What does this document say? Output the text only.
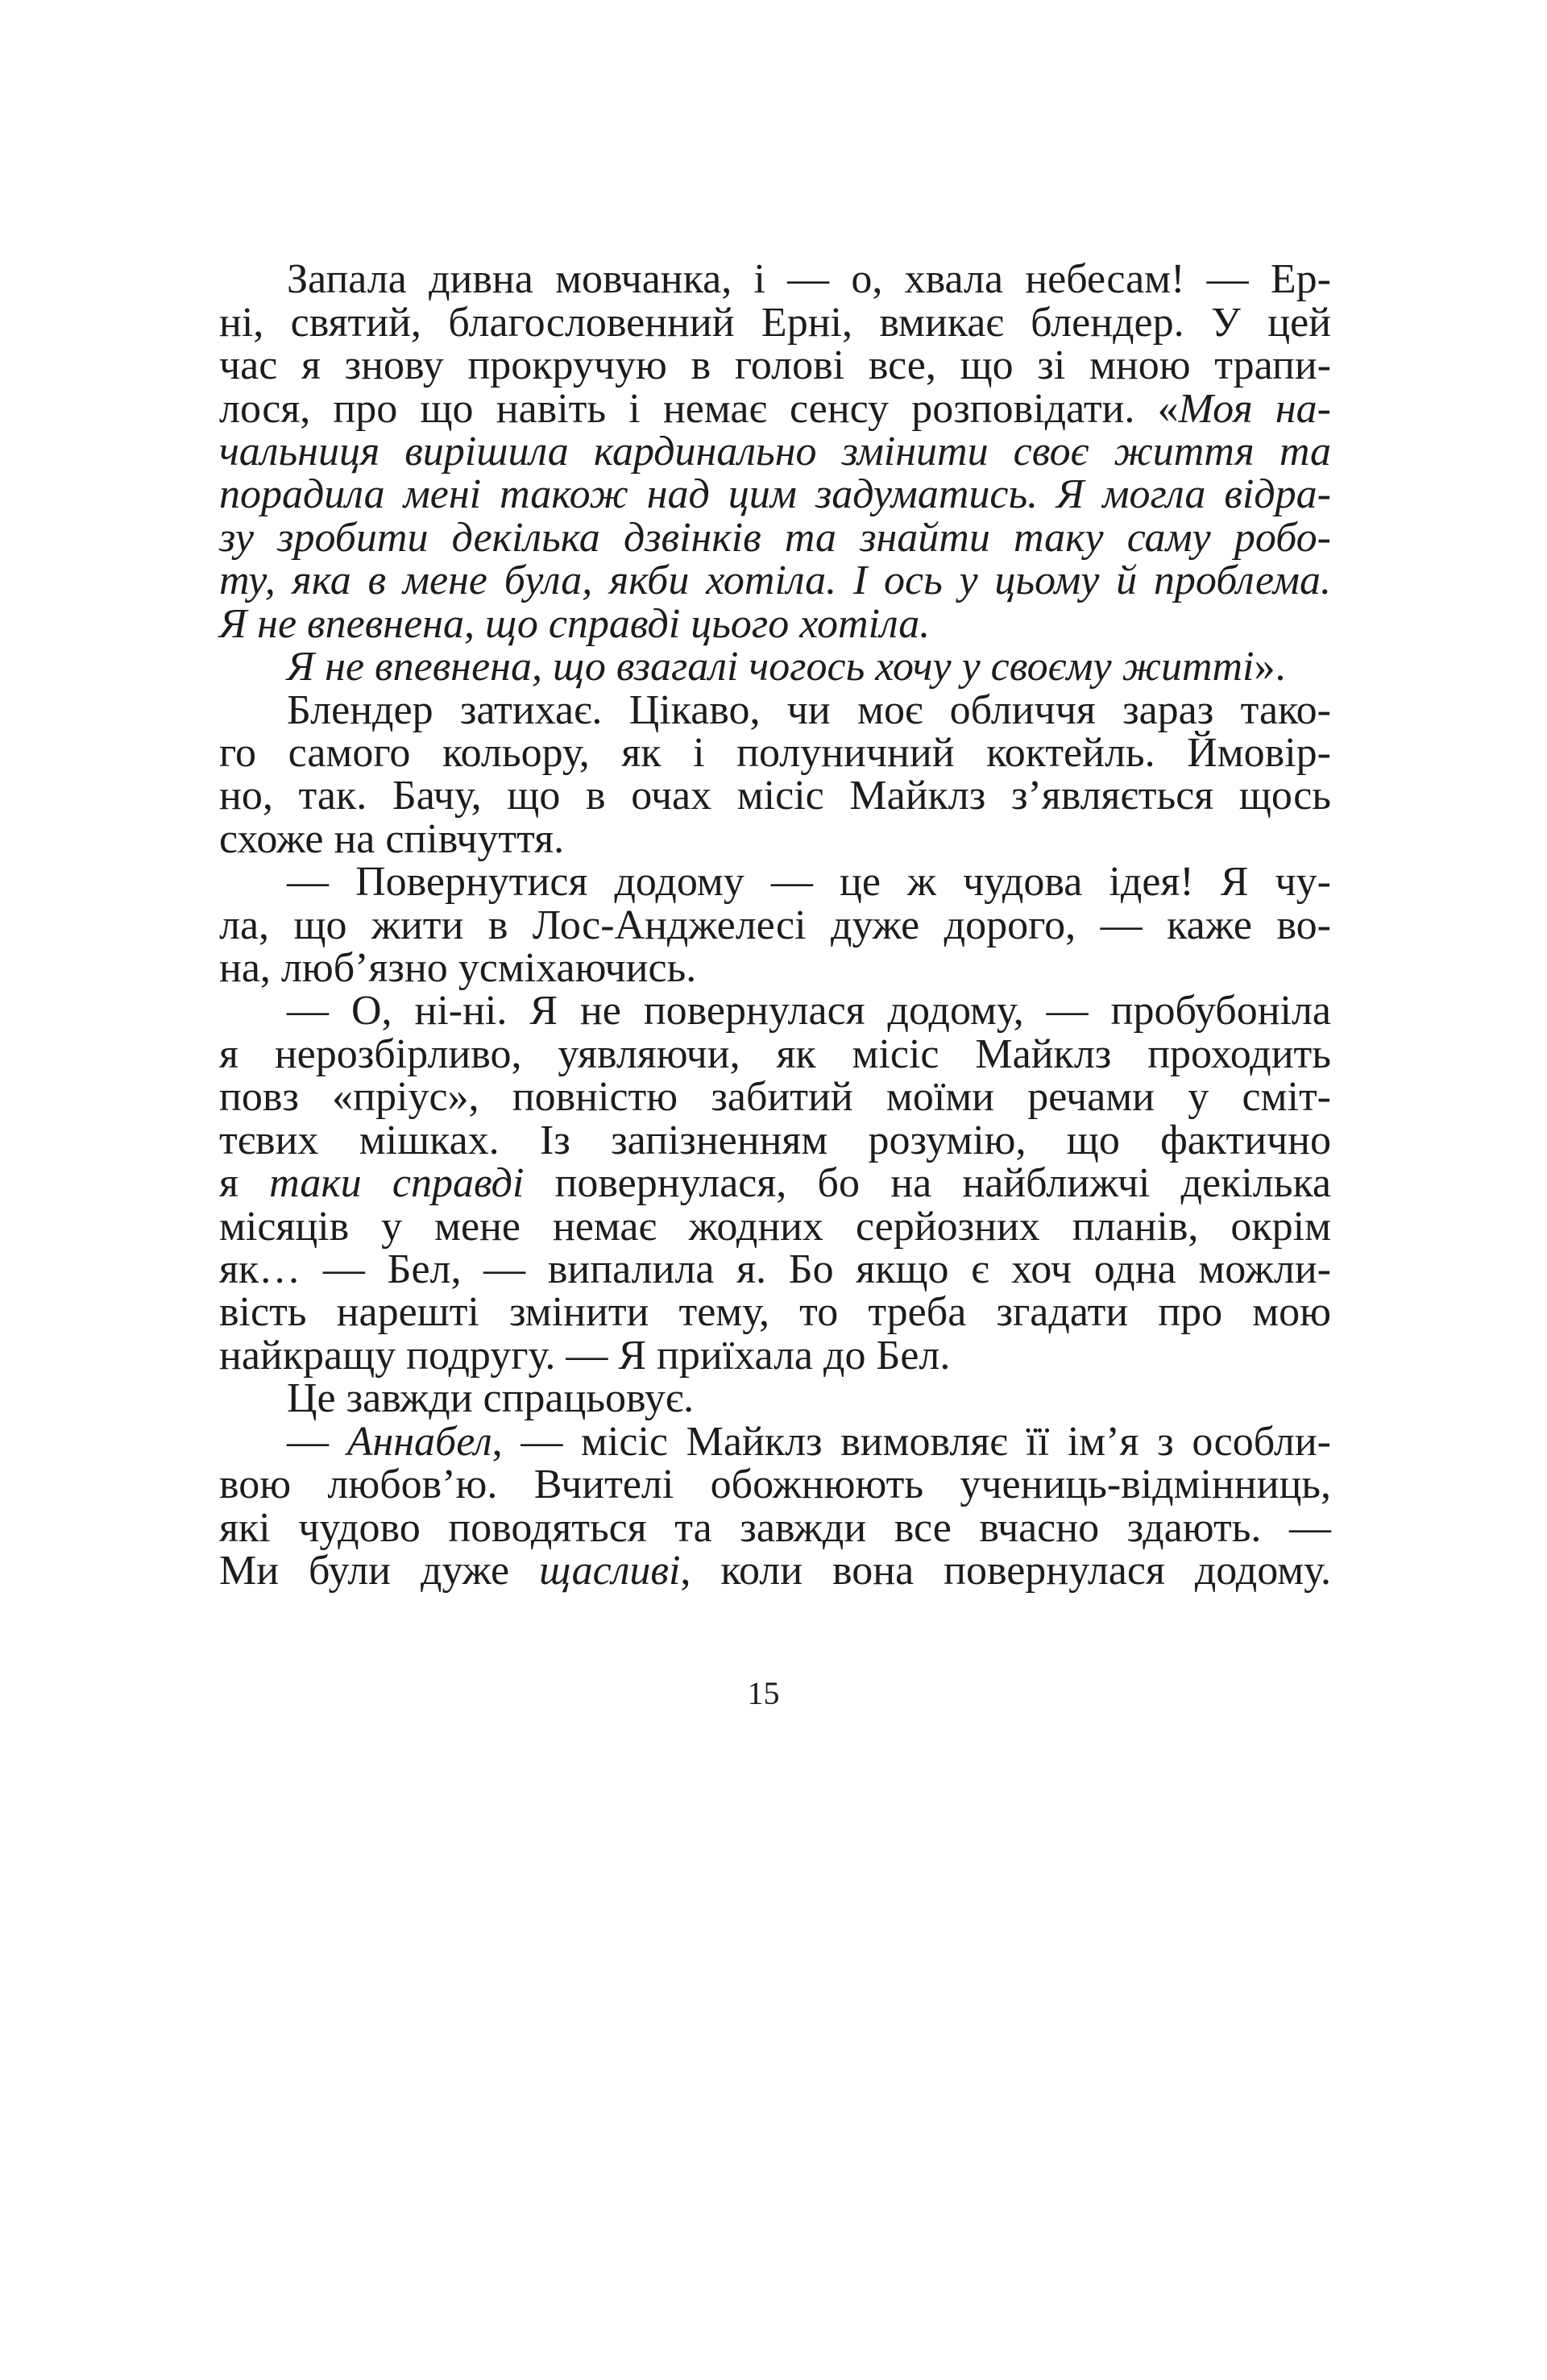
Запала дивна мовчанка, і — о, хвала небесам! — Ер-
ні, святий, благословенний Ерні, вмикає блендер. У цей
час я знову прокручую в голові все, що зі мною трапи-
лося, про що навіть і немає сенсу розповідати. «Моя на-
чальниця вирішила кардинально змінити своє життя та
порадила мені також над цим задуматись. Я могла відра-
зу зробити декілька дзвінків та знайти таку саму робо-
ту, яка в мене була, якби хотіла. І ось у цьому й проблема.
Я не впевнена, що справді цього хотіла.
Я не впевнена, що взагалі чогось хочу у своєму житті».
Блендер затихає. Цікаво, чи моє обличчя зараз тако-
го самого кольору, як і полуничний коктейль. Ймовір-
но, так. Бачу, що в очах місіс Майклз з’являється щось
схоже на співчуття.
— Повернутися додому — це ж чудова ідея! Я чу-
ла, що жити в Лос-Анджелесі дуже дорого, — каже во-
на, люб’язно усміхаючись.
— О, ні-ні. Я не повернулася додому, — пробубоніла
я нерозбірливо, уявляючи, як місіс Майклз проходить
повз «пріус», повністю забитий моїми речами у сміт-
тєвих мішках. Із запізненням розумію, що фактично
я таки справді повернулася, бо на найближчі декілька
місяців у мене немає жодних серйозних планів, окрім
як… — Бел, — випалила я. Бо якщо є хоч одна можли-
вість нарешті змінити тему, то треба згадати про мою
найкращу подругу. — Я приїхала до Бел.
Це завжди спрацьовує.
— Аннабел, — місіс Майклз вимовляє її ім’я з особли-
вою любов’ю. Вчителі обожнюють учениць-відмінниць,
які чудово поводяться та завжди все вчасно здають. —
Ми були дуже щасливі, коли вона повернулася додому.
15
